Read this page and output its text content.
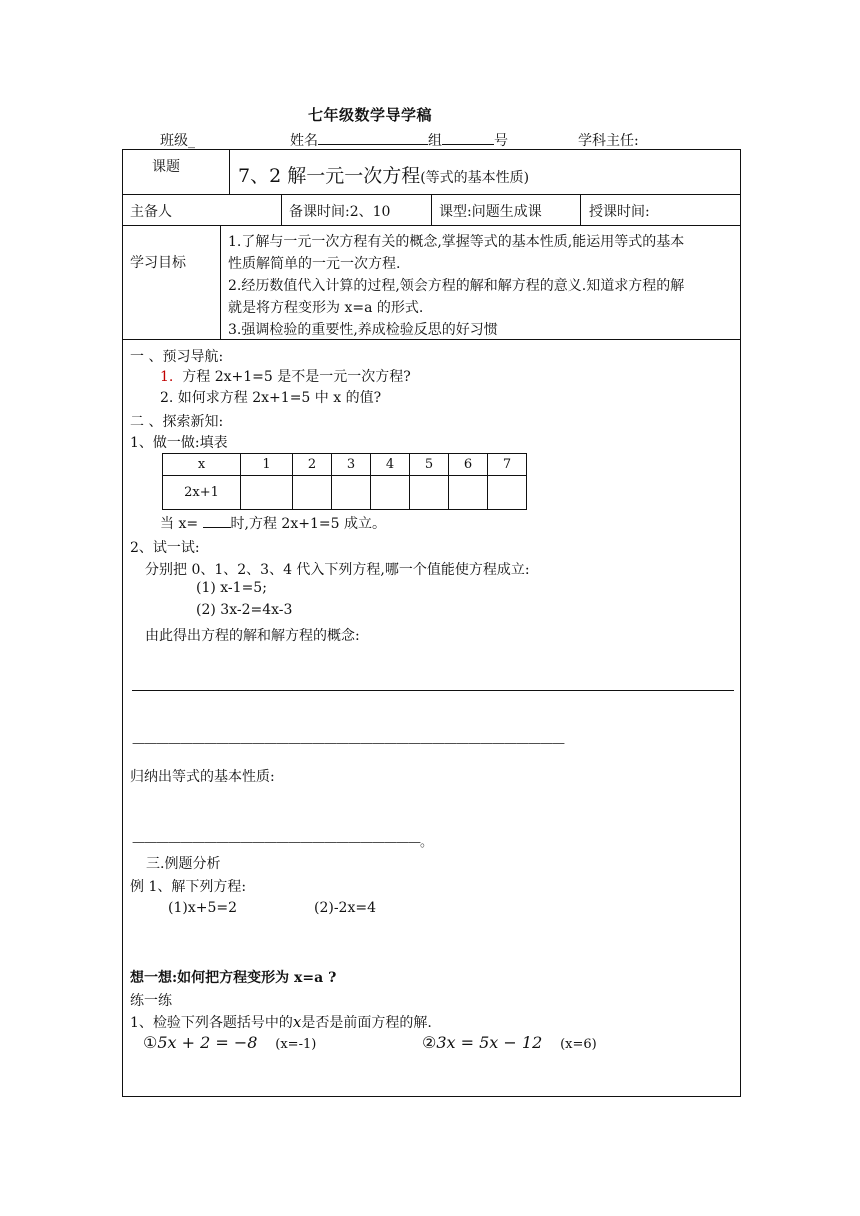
七年级数学导学稿
班级_	姓名	组	号	学科主任:
课题	7、2 解一元一次方程(等式的基本性质)
主备人	备课时间:2、10	课型:问题生成课	授课时间:
学习目标
1.了解与一元一次方程有关的概念,掌握等式的基本性质,能运用等式的基本
性质解简单的一元一次方程.
2.经历数值代入计算的过程,领会方程的解和解方程的意义.知道求方程的解
就是将方程变形为 x=a 的形式.
3.强调检验的重要性,养成检验反思的好习惯
一 、预习导航:
1. 方程 2x+1=5 是不是一元一次方程?
2. 如何求方程 2x+1=5 中 x 的值?
二 、探索新知:
1、做一做:填表
x	1	2	3	4	5	6	7
2x+1							
当 x= 时,方程 2x+1=5 成立。
2、试一试:
分别把 0、1、2、3、4 代入下列方程,哪一个值能使方程成立:
(1) x-1=5;
(2) 3x-2=4x-3
由此得出方程的解和解方程的概念:
————————————————————————————————————
归纳出等式的基本性质:
————————————————————————。
三.例题分析
例 1、解下列方程:
(1)x+5=2	(2)-2x=4
想一想:如何把方程变形为 x=a ?
练一练
1、检验下列各题括号中的x是否是前面方程的解.
①5x + 2 = −8 (x=-1)	②3x = 5x − 12 (x=6)
